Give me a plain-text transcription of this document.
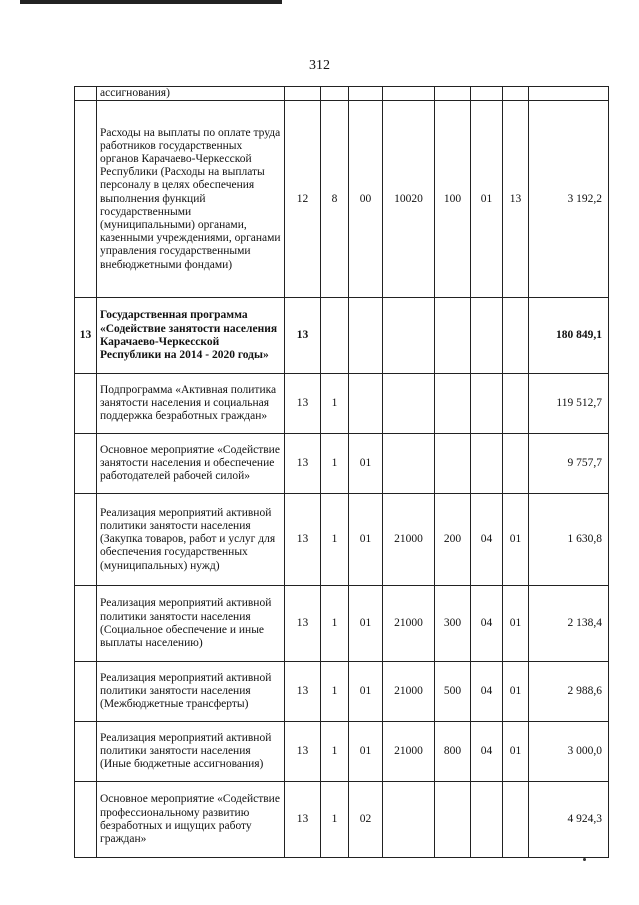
312
	ассигнования)								
	Расходы на выплаты по оплате труда работников государственных органов Карачаево-Черкесской Республики (Расходы на выплаты персоналу в целях обеспечения выполнения функций государственными (муниципальными) органами, казенными учреждениями, органами управления государственными внебюджетными фондами)	12	8	00	10020	100	01	13	3 192,2
13	Государственная программа «Содействие занятости населения Карачаево-Черкесской Республики на 2014 - 2020 годы»	13							180 849,1
	Подпрограмма «Активная политика занятости населения и социальная поддержка безработных граждан»	13	1						119 512,7
	Основное мероприятие «Содействие занятости населения и обеспечение работодателей рабочей силой»	13	1	01					9 757,7
	Реализация мероприятий активной политики занятости населения (Закупка товаров, работ и услуг для обеспечения государственных (муниципальных) нужд)	13	1	01	21000	200	04	01	1 630,8
	Реализация мероприятий активной политики занятости населения (Социальное обеспечение и иные выплаты населению)	13	1	01	21000	300	04	01	2 138,4
	Реализация мероприятий активной политики занятости населения (Межбюджетные трансферты)	13	1	01	21000	500	04	01	2 988,6
	Реализация мероприятий активной политики занятости населения (Иные бюджетные ассигнования)	13	1	01	21000	800	04	01	3 000,0
	Основное мероприятие «Содействие профессиональному развитию безработных и ищущих работу граждан»	13	1	02					4 924,3
